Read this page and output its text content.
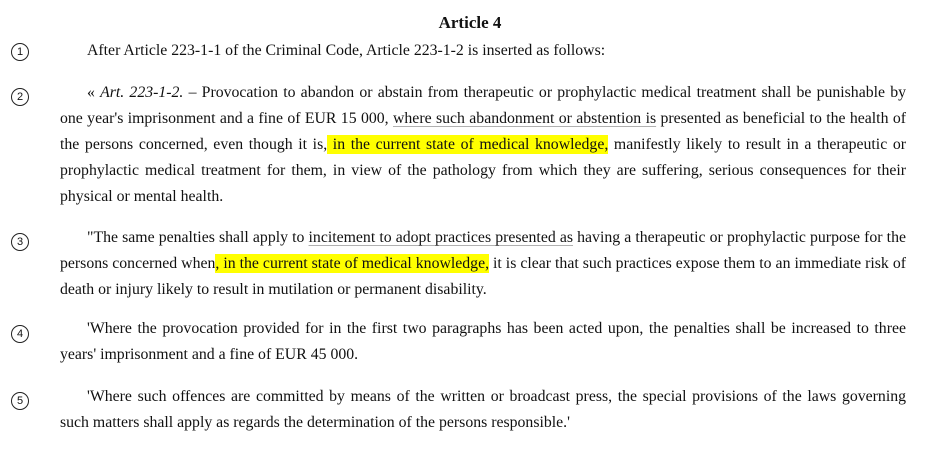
Article 4
1	After Article 223-1-1 of the Criminal Code, Article 223-1-2 is inserted as follows:
2	« Art. 223-1-2. – Provocation to abandon or abstain from therapeutic or prophylactic medical treatment shall be punishable by one year's imprisonment and a fine of EUR 15 000, where such abandonment or abstention is presented as beneficial to the health of the persons concerned, even though it is, in the current state of medical knowledge, manifestly likely to result in a therapeutic or prophylactic medical treatment for them, in view of the pathology from which they are suffering, serious consequences for their physical or mental health.
3	"The same penalties shall apply to incitement to adopt practices presented as having a therapeutic or prophylactic purpose for the persons concerned when, in the current state of medical knowledge, it is clear that such practices expose them to an immediate risk of death or injury likely to result in mutilation or permanent disability.
4	'Where the provocation provided for in the first two paragraphs has been acted upon, the penalties shall be increased to three years' imprisonment and a fine of EUR 45 000.
5	'Where such offences are committed by means of the written or broadcast press, the special provisions of the laws governing such matters shall apply as regards the determination of the persons responsible.'
